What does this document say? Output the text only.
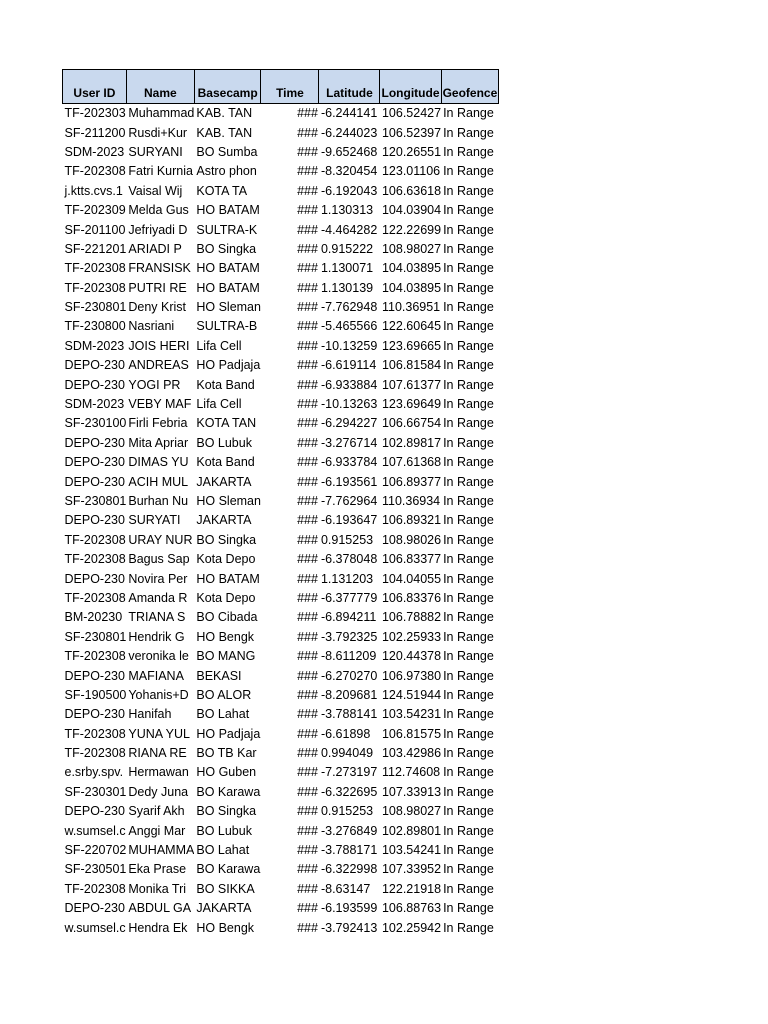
User ID	Name	Basecamp	Time	Latitude	Longitude	Geofence
TF-202303	Muhammad	KAB. TAN	###	-6.244141	106.52427	In Range
SF-211200	Rusdi+Kur	KAB. TAN	###	-6.244023	106.52397	In Range
SDM-2023	SURYANI	BO Sumba	###	-9.652468	120.26551	In Range
TF-202308	Fatri Kurnia	Astro phon	###	-8.320454	123.01106	In Range
j.ktts.cvs.1	Vaisal Wij	KOTA TA	###	-6.192043	106.63618	In Range
TF-202309	Melda Gus	HO BATAM	###	1.130313	104.03904	In Range
SF-201100	Jefriyadi D	SULTRA-K	###	-4.464282	122.22699	In Range
SF-221201	ARIADI P	BO Singka	###	0.915222	108.98027	In Range
TF-202308	FRANSISK	HO BATAM	###	1.130071	104.03895	In Range
TF-202308	PUTRI RE	HO BATAM	###	1.130139	104.03895	In Range
SF-230801	Deny Krist	HO Sleman	###	-7.762948	110.36951	In Range
TF-230800	Nasriani	SULTRA-B	###	-5.465566	122.60645	In Range
SDM-2023	JOIS HERI	Lifa Cell	###	-10.13259	123.69665	In Range
DEPO-230	ANDREAS	HO Padjaja	###	-6.619114	106.81584	In Range
DEPO-230	YOGI PR	Kota Band	###	-6.933884	107.61377	In Range
SDM-2023	VEBY MAF	Lifa Cell	###	-10.13263	123.69649	In Range
SF-230100	Firli Febria	KOTA TAN	###	-6.294227	106.66754	In Range
DEPO-230	Mita Apriar	BO Lubuk	###	-3.276714	102.89817	In Range
DEPO-230	DIMAS YU	Kota Band	###	-6.933784	107.61368	In Range
DEPO-230	ACIH MUL	JAKARTA	###	-6.193561	106.89377	In Range
SF-230801	Burhan Nu	HO Sleman	###	-7.762964	110.36934	In Range
DEPO-230	SURYATI	JAKARTA	###	-6.193647	106.89321	In Range
TF-202308	URAY NUR	BO Singka	###	0.915253	108.98026	In Range
TF-202308	Bagus Sap	Kota Depo	###	-6.378048	106.83377	In Range
DEPO-230	Novira Per	HO BATAM	###	1.131203	104.04055	In Range
TF-202308	Amanda R	Kota Depo	###	-6.377779	106.83376	In Range
BM-20230	TRIANA S	BO Cibada	###	-6.894211	106.78882	In Range
SF-230801	Hendrik G	HO Bengk	###	-3.792325	102.25933	In Range
TF-202308	veronika le	BO MANG	###	-8.611209	120.44378	In Range
DEPO-230	MAFIANA	BEKASI	###	-6.270270	106.97380	In Range
SF-190500	Yohanis+D	BO ALOR	###	-8.209681	124.51944	In Range
DEPO-230	Hanifah	BO Lahat	###	-3.788141	103.54231	In Range
TF-202308	YUNA YUL	HO Padjaja	###	-6.61898	106.81575	In Range
TF-202308	RIANA RE	BO TB Kar	###	0.994049	103.42986	In Range
e.srby.spv.	Hermawan	HO Guben	###	-7.273197	112.74608	In Range
SF-230301	Dedy Juna	BO Karawa	###	-6.322695	107.33913	In Range
DEPO-230	Syarif Akh	BO Singka	###	0.915253	108.98027	In Range
w.sumsel.c	Anggi Mar	BO Lubuk	###	-3.276849	102.89801	In Range
SF-220702	MUHAMMA	BO Lahat	###	-3.788171	103.54241	In Range
SF-230501	Eka Prase	BO Karawa	###	-6.322998	107.33952	In Range
TF-202308	Monika Tri	BO SIKKA	###	-8.63147	122.21918	In Range
DEPO-230	ABDUL GA	JAKARTA	###	-6.193599	106.88763	In Range
w.sumsel.c	Hendra Ek	HO Bengk	###	-3.792413	102.25942	In Range
